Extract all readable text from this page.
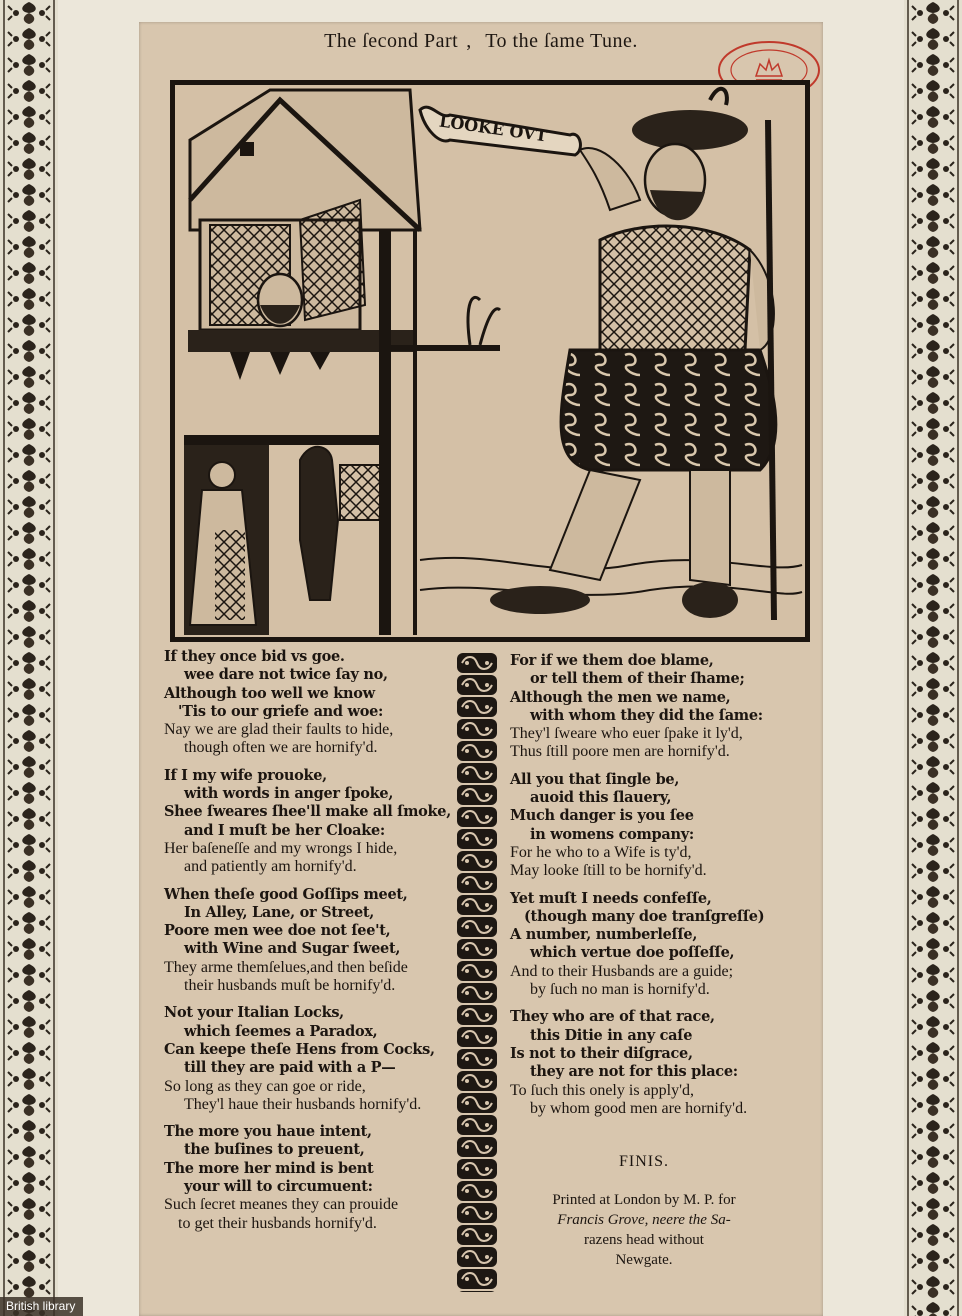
The ſecond Part , To the ſame Tune.
LOOKE OVT
If they once bid vs goe.
wee dare not twice ſay no,
Although too well we know
'Tis to our griefe and woe:
Nay we are glad their faults to hide,
though often we are hornify'd.
If I my wife prouoke,
with words in anger ſpoke,
Shee ſweares ſhee'll make all ſmoke,
and I muſt be her Cloake:
Her baſeneſſe and my wrongs I hide,
and patiently am hornify'd.
When theſe good Goſſips meet,
In Alley, Lane, or Street,
Poore men wee doe not ſee't,
with Wine and Sugar ſweet,
They arme themſelues,and then beſide
their husbands muſt be hornify'd.
Not your Italian Locks,
which ſeemes a Paradox,
Can keepe theſe Hens from Cocks,
till they are paid with a P—
So long as they can goe or ride,
They'l haue their husbands hornify'd.
The more you haue intent,
the buſines to preuent,
The more her mind is bent
your will to circumuent:
Such ſecret meanes they can prouide
to get their husbands hornify'd.
For if we them doe blame,
or tell them of their ſhame;
Although the men we name,
with whom they did the ſame:
They'l ſweare who euer ſpake it ly'd,
Thus ſtill poore men are hornify'd.
All you that ſingle be,
auoid this ſlauery,
Much danger is you ſee
in womens company:
For he who to a Wife is ty'd,
May looke ſtill to be hornify'd.
Yet muſt I needs confeſſe,
(though many doe tranſgreſſe)
A number, numberleſſe,
which vertue doe poſſeſſe,
And to their Husbands are a guide;
by ſuch no man is hornify'd.
They who are of that race,
this Ditie in any caſe
Is not to their diſgrace,
they are not for this place:
To ſuch this onely is apply'd,
by whom good men are hornify'd.
FINIS.
Printed at London by M. P. for
Francis Grove, neere the Sa-
razens head without
Newgate.
British library
